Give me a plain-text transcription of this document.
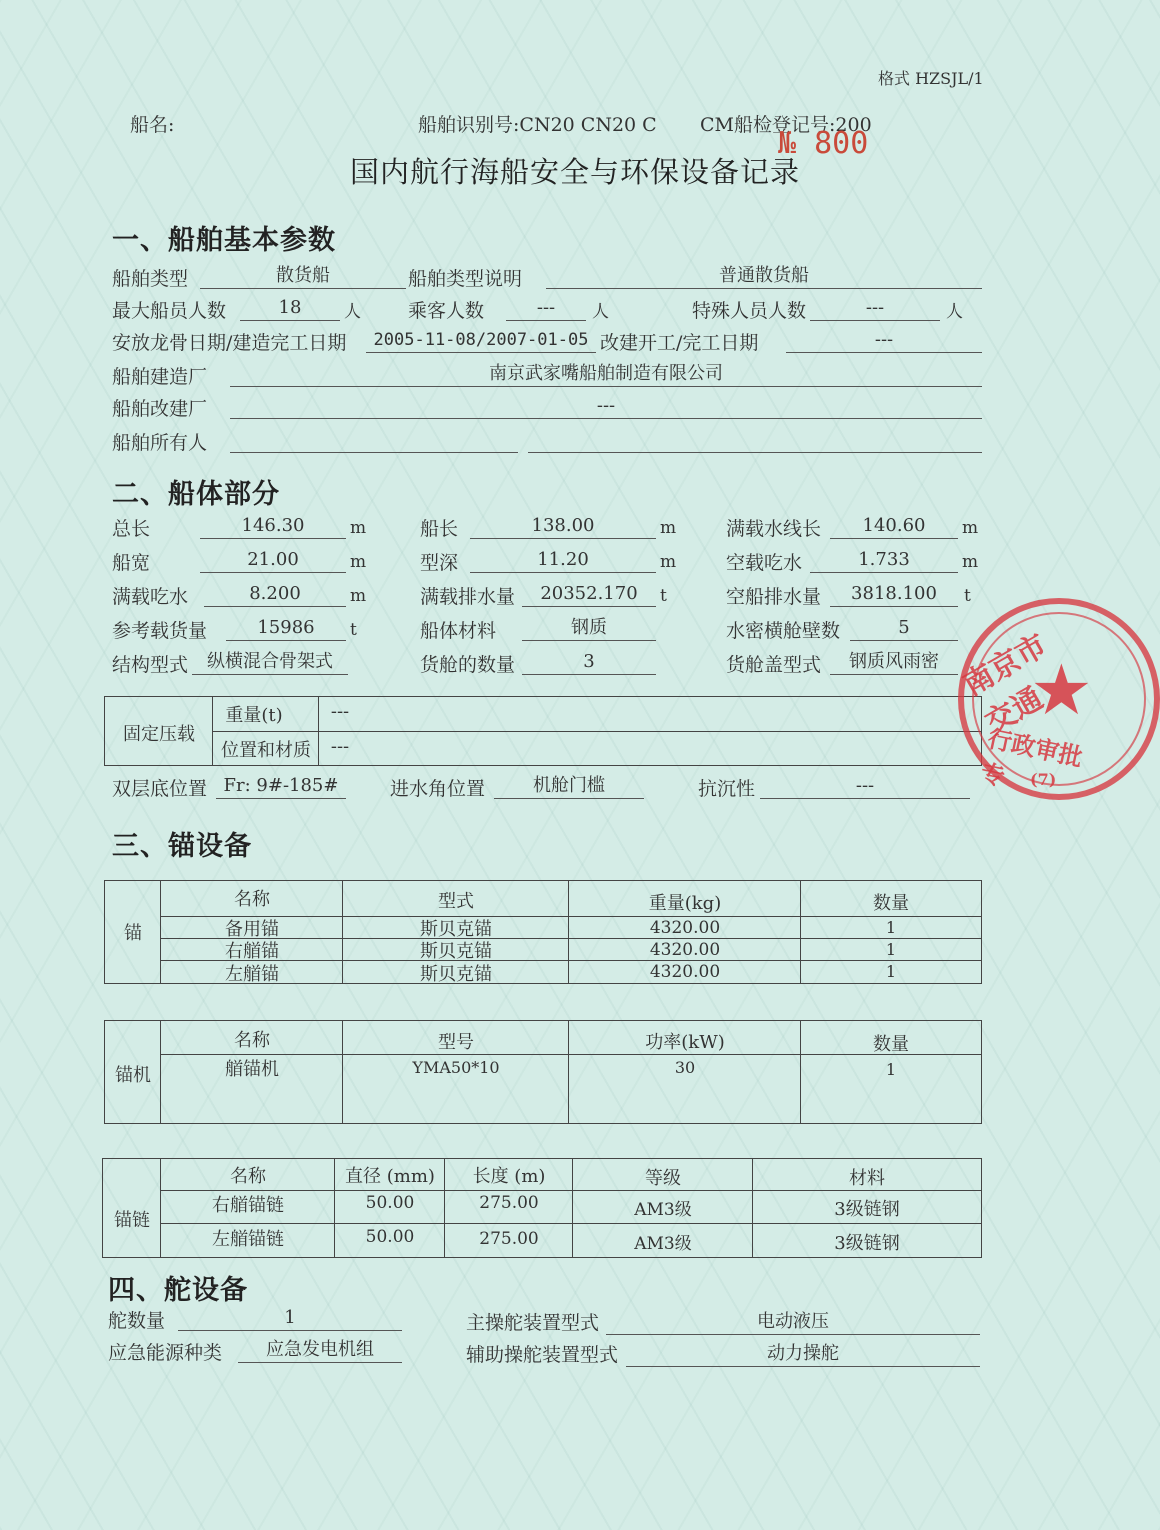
格式 HZSJL/1
船名:	船舶识别号:CN20 CN20 C CM船检登记号:200
№ 800
国内航行海船安全与环保设备记录
一、船舶基本参数
船舶类型	散货船	船舶类型说明	普通散货船
最大船员人数	18	人 乘客人数	---	人	特殊人员人数	---	人
安放龙骨日期/建造完工日期	2005-11-08/2007-01-05 改建开工/完工日期	---
船舶建造厂	南京武家嘴船舶制造有限公司
船舶改建厂	---
船舶所有人
二、船体部分
总长	146.30	m	船长	138.00	m	满载水线长	140.60	m
船宽	21.00	m	型深	11.20	m	空载吃水	1.733	m
满载吃水	8.200	m	满载排水量	20352.170	t	空船排水量	3818.100	t
参考载货量	15986	t	船体材料	钢质	水密横舱壁数	5
结构型式	纵横混合骨架式	货舱的数量	3	货舱盖型式	钢质风雨密
固定压载
重量(t)	---
位置和材质	---
双层底位置 Fr: 9#-185#	进水角位置	机舱门槛	抗沉性	---
三、锚设备
锚
名称	型式	重量(kg)	数量
备用锚	斯贝克锚	4320.00	1
右艏锚	斯贝克锚	4320.00	1
左艏锚	斯贝克锚	4320.00	1
锚机
名称	型号	功率(kW)	数量
艏锚机	YMA50*10	30	1
锚链
名称	直径 (mm)	长度 (m)	等级	材料
右艏锚链	50.00	275.00	AM3级	3级链钢
左艏锚链	50.00	275.00	AM3级	3级链钢
四、舵设备
舵数量	1	主操舵装置型式	电动液压
应急能源种类	应急发电机组	辅助操舵装置型式	动力操舵
★
南京市交通
行政审批专	(7)
